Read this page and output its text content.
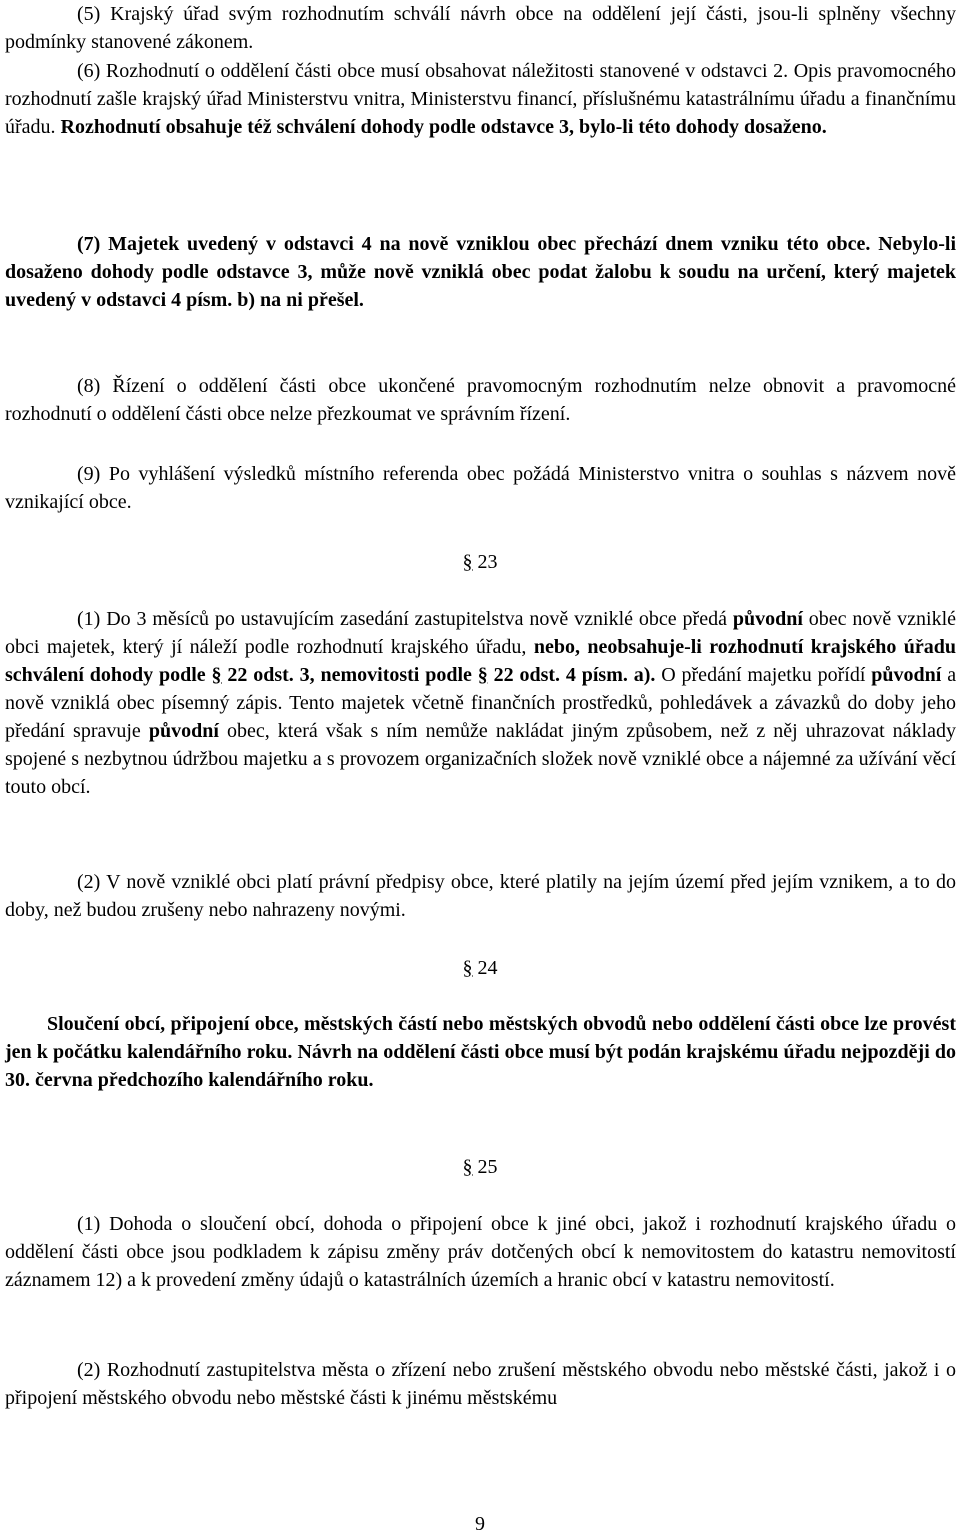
(5) Krajský úřad svým rozhodnutím schválí návrh obce na oddělení její části, jsou-li splněny všechny podmínky stanovené zákonem.

(6) Rozhodnutí o oddělení části obce musí obsahovat náležitosti stanovené v odstavci 2. Opis pravomocného rozhodnutí zašle krajský úřad Ministerstvu vnitra, Ministerstvu financí, příslušnému katastrálnímu úřadu a finančnímu úřadu. Rozhodnutí obsahuje též schválení dohody podle odstavce 3, bylo-li této dohody dosaženo.

(7) Majetek uvedený v odstavci 4 na nově vzniklou obec přechází dnem vzniku této obce. Nebylo-li dosaženo dohody podle odstavce 3, může nově vzniklá obec podat žalobu k soudu na určení, který majetek uvedený v odstavci 4 písm. b) na ni přešel.

(8) Řízení o oddělení části obce ukončené pravomocným rozhodnutím nelze obnovit a pravomocné rozhodnutí o oddělení části obce nelze přezkoumat ve správním řízení.

(9) Po vyhlášení výsledků místního referenda obec požádá Ministerstvo vnitra o souhlas s názvem nově vznikající obce.

§ 23

(1) Do 3 měsíců po ustavujícím zasedání zastupitelstva nově vzniklé obce předá původní obec nově vzniklé obci majetek, který jí náleží podle rozhodnutí krajského úřadu, nebo, neobsahuje-li rozhodnutí krajského úřadu schválení dohody podle § 22 odst. 3, nemovitosti podle § 22 odst. 4 písm. a). O předání majetku pořídí původní a nově vzniklá obec písemný zápis. Tento majetek včetně finančních prostředků, pohledávek a závazků do doby jeho předání spravuje původní obec, která však s ním nemůže nakládat jiným způsobem, než z něj uhrazovat náklady spojené s nezbytnou údržbou majetku a s provozem organizačních složek nově vzniklé obce a nájemné za užívání věcí touto obcí.

(2) V nově vzniklé obci platí právní předpisy obce, které platily na jejím území před jejím vznikem, a to do doby, než budou zrušeny nebo nahrazeny novými.

§ 24

Sloučení obcí, připojení obce, městských částí nebo městských obvodů nebo oddělení části obce lze provést jen k počátku kalendářního roku. Návrh na oddělení části obce musí být podán krajskému úřadu nejpozději do 30. června předchozího kalendářního roku.

§ 25

(1) Dohoda o sloučení obcí, dohoda o připojení obce k jiné obci, jakož i rozhodnutí krajského úřadu o oddělení části obce jsou podkladem k zápisu změny práv dotčených obcí k nemovitostem do katastru nemovitostí záznamem 12) a k provedení změny údajů o katastrálních územích a hranic obcí v katastru nemovitostí.

(2) Rozhodnutí zastupitelstva města o zřízení nebo zrušení městského obvodu nebo městské části, jakož i o připojení městského obvodu nebo městské části k jinému městskému

9
